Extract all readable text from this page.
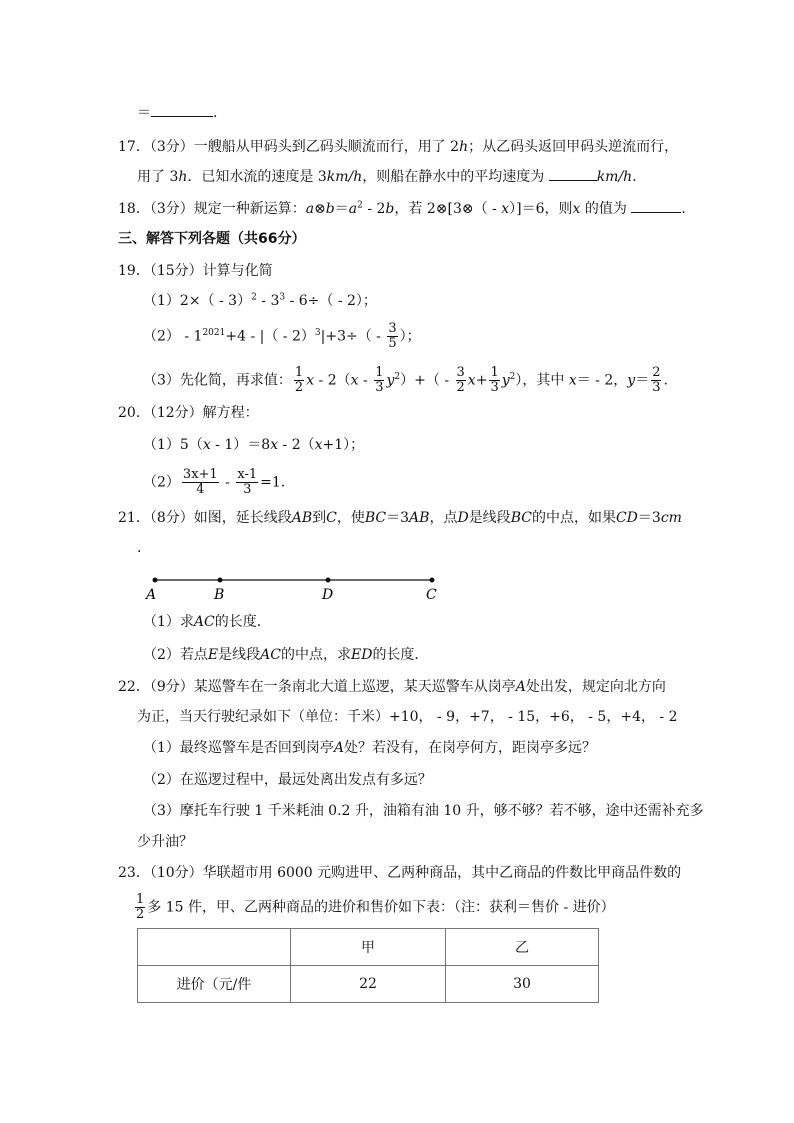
＝	.
17．（3分）一艘船从甲码头到乙码头顺流而行，用了 2h；从乙码头返回甲码头逆流而行，
用了 3h．已知水流的速度是 3km/h，则船在静水中的平均速度为	km/h．
18．（3分）规定一种新运算：$a\otimes b=a^2 - 2b$，若 2⊗[3⊗（ - x）]＝6，则x 的值为	．
三、解答下列各题（共66分）
19．（15分）计算与化简
$(1)2\times( - 3)^2 - 3^3 - 6\div( - 2)$；
$(2) - 1^{2021}+4$ - |（ - $2)^3|+3\div( - \frac{3}{5}$ ）；
（3）先化简，再求值： $\frac{1}{2}$ $x - 2(x - \frac{1}{3} y^2)+( - \frac{3}{2} x+ \frac{1}{3} y^2)$，其中 x＝ - 2，$y= \frac{2}{3}$ .
20．（12分）解方程：
（1）5（x - 1）＝8x - 2（x+1）；
$(2) \frac{3x+1}{4} - \frac{x-1}{3} =1$.
21．（8分）如图，延长线段AB到C，使BC＝3AB，点D是线段BC的中点，如果CD＝3cm
．
A	B	D	C
（1）求AC的长度．
（2）若点E是线段AC的中点，求ED的长度．
22．（9分）某巡警车在一条南北大道上巡逻，某天巡警车从岗亭A处出发，规定向北方向
为正，当天行驶纪录如下（单位：千米）+10， - 9，+7， - 15，+6， - 5，+4， - 2
（1）最终巡警车是否回到岗亭A处？若没有，在岗亭何方，距岗亭多远？
（2）在巡逻过程中，最远处离出发点有多远？
（3）摩托车行驶 1 千米耗油 0.2 升，油箱有油 10 升，够不够？若不够，途中还需补充多
少升油？
23．（10分）华联超市用 6000 元购进甲、乙两种商品，其中乙商品的件数比甲商品件数的
$\frac{1}{2}$ 多 15 件，甲、乙两种商品的进价和售价如下表：（注：获利＝售价 - 进价）
	甲	乙
进价（元/件	22	30
